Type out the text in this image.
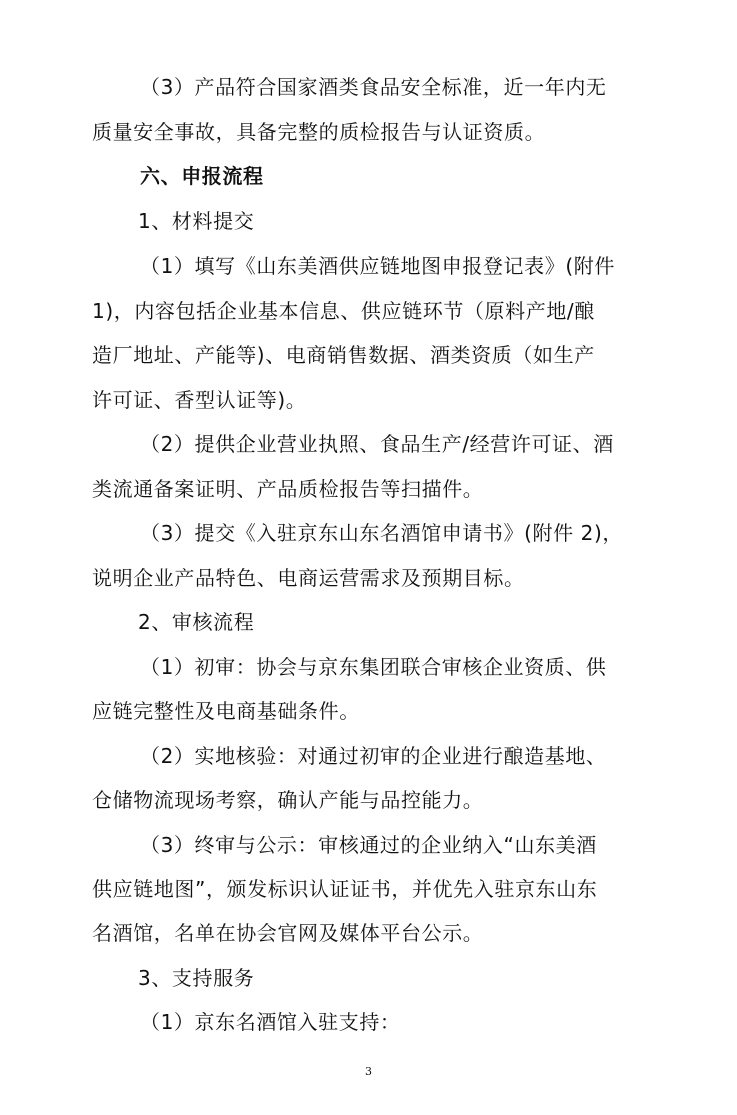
（3）产品符合国家酒类食品安全标准，近一年内无
质量安全事故，具备完整的质检报告与认证资质。
六、申报流程
1、材料提交
（1）填写《山东美酒供应链地图申报登记表》(附件
1)，内容包括企业基本信息、供应链环节（原料产地/酿
造厂地址、产能等)、电商销售数据、酒类资质（如生产
许可证、香型认证等)。
（2）提供企业营业执照、食品生产/经营许可证、酒
类流通备案证明、产品质检报告等扫描件。
（3）提交《入驻京东山东名酒馆申请书》(附件 2)，
说明企业产品特色、电商运营需求及预期目标。
2、审核流程
（1）初审：协会与京东集团联合审核企业资质、供
应链完整性及电商基础条件。
（2）实地核验：对通过初审的企业进行酿造基地、
仓储物流现场考察，确认产能与品控能力。
（3）终审与公示：审核通过的企业纳入“山东美酒
供应链地图”，颁发标识认证证书，并优先入驻京东山东
名酒馆，名单在协会官网及媒体平台公示。
3、支持服务
（1）京东名酒馆入驻支持：
3
